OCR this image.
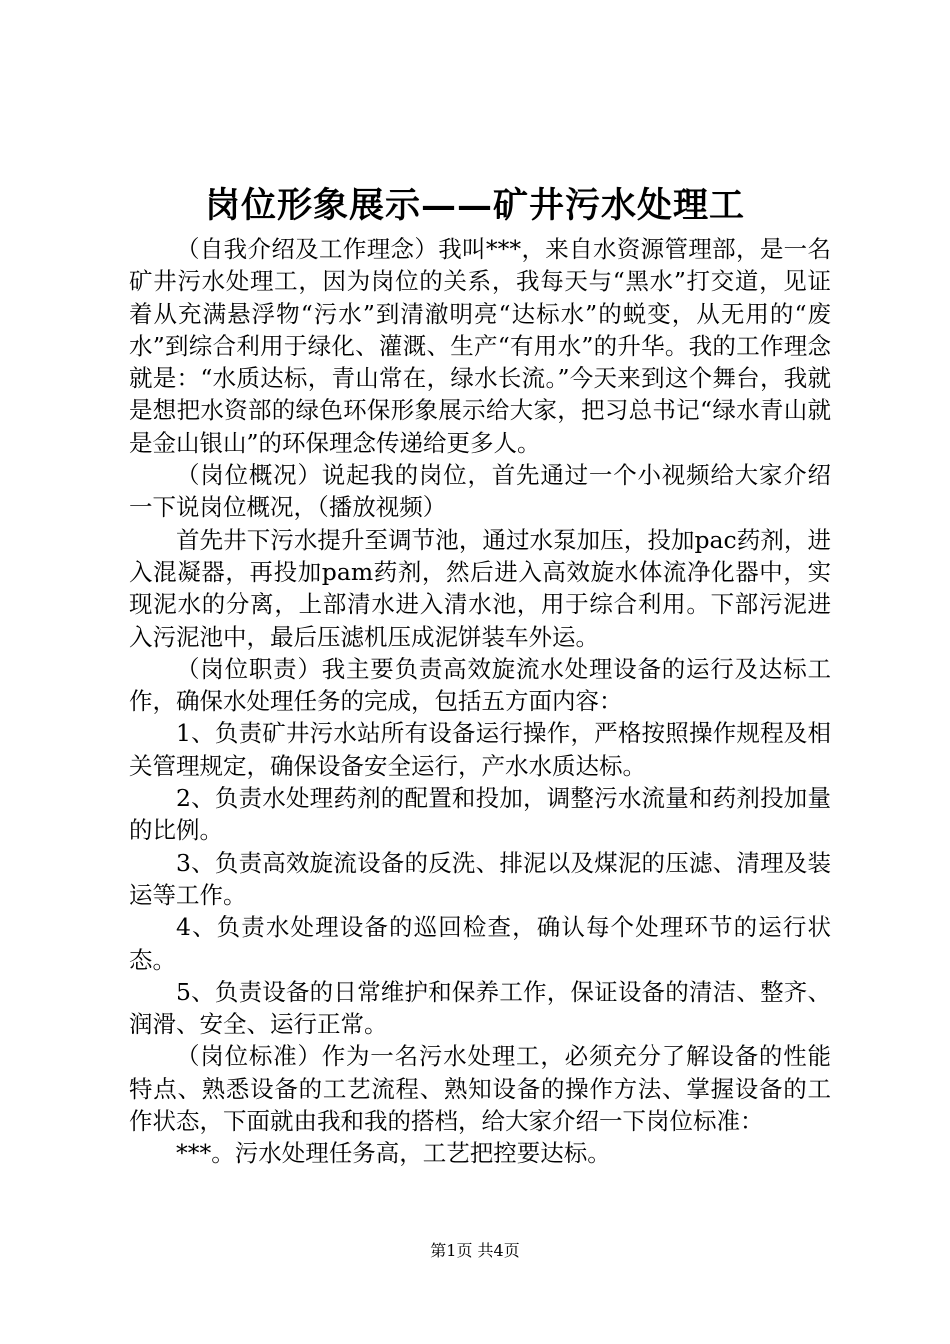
岗位形象展示——矿井污水处理工

（自我介绍及工作理念）我叫***，来自水资源管理部，是一名矿井污水处理工，因为岗位的关系，我每天与“黑水”打交道，见证着从充满悬浮物“污水”到清澈明亮“达标水”的蜕变，从无用的“废水”到综合利用于绿化、灌溉、生产“有用水”的升华。我的工作理念就是：“水质达标，青山常在，绿水长流。”今天来到这个舞台，我就是想把水资部的绿色环保形象展示给大家，把习总书记“绿水青山就是金山银山”的环保理念传递给更多人。

（岗位概况）说起我的岗位，首先通过一个小视频给大家介绍一下说岗位概况，（播放视频）

首先井下污水提升至调节池，通过水泵加压，投加pac药剂，进入混凝器，再投加pam药剂，然后进入高效旋水体流净化器中，实现泥水的分离，上部清水进入清水池，用于综合利用。下部污泥进入污泥池中，最后压滤机压成泥饼装车外运。

（岗位职责）我主要负责高效旋流水处理设备的运行及达标工作，确保水处理任务的完成，包括五方面内容：

1、负责矿井污水站所有设备运行操作，严格按照操作规程及相关管理规定，确保设备安全运行，产水水质达标。

2、负责水处理药剂的配置和投加，调整污水流量和药剂投加量的比例。

3、负责高效旋流设备的反洗、排泥以及煤泥的压滤、清理及装运等工作。

4、负责水处理设备的巡回检查，确认每个处理环节的运行状态。

5、负责设备的日常维护和保养工作，保证设备的清洁、整齐、润滑、安全、运行正常。

（岗位标准）作为一名污水处理工，必须充分了解设备的性能特点、熟悉设备的工艺流程、熟知设备的操作方法、掌握设备的工作状态，下面就由我和我的搭档，给大家介绍一下岗位标准：

***。污水处理任务高，工艺把控要达标。

第1页 共4页
